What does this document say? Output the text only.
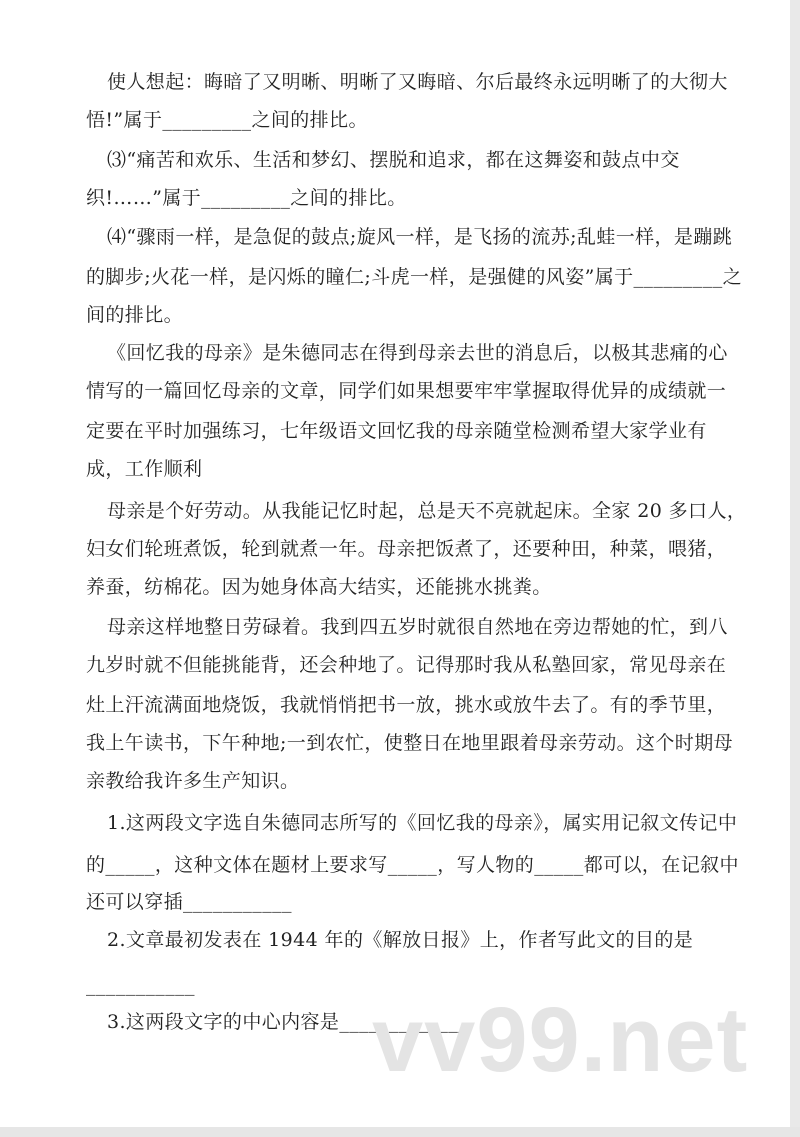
使人想起：晦暗了又明晰、明晰了又晦暗、尔后最终永远明晰了的大彻大
悟!”属于_________之间的排比。
⑶“痛苦和欢乐、生活和梦幻、摆脱和追求，都在这舞姿和鼓点中交
织!……”属于_________之间的排比。
⑷“骤雨一样，是急促的鼓点;旋风一样，是飞扬的流苏;乱蛙一样，是蹦跳
的脚步;火花一样，是闪烁的瞳仁;斗虎一样，是强健的风姿”属于_________之
间的排比。
《回忆我的母亲》是朱德同志在得到母亲去世的消息后，以极其悲痛的心
情写的一篇回忆母亲的文章，同学们如果想要牢牢掌握取得优异的成绩就一
定要在平时加强练习，七年级语文回忆我的母亲随堂检测希望大家学业有
成，工作顺利
母亲是个好劳动。从我能记忆时起，总是天不亮就起床。全家 20 多口人，
妇女们轮班煮饭，轮到就煮一年。母亲把饭煮了，还要种田，种菜，喂猪，
养蚕，纺棉花。因为她身体高大结实，还能挑水挑粪。
母亲这样地整日劳碌着。我到四五岁时就很自然地在旁边帮她的忙，到八
九岁时就不但能挑能背，还会种地了。记得那时我从私塾回家，常见母亲在
灶上汗流满面地烧饭，我就悄悄把书一放，挑水或放牛去了。有的季节里，
我上午读书，下午种地;一到农忙，使整日在地里跟着母亲劳动。这个时期母
亲教给我许多生产知识。
1.这两段文字选自朱德同志所写的《回忆我的母亲》，属实用记叙文传记中
的_____，这种文体在题材上要求写_____，写人物的_____都可以，在记叙中
还可以穿插___________
2.文章最初发表在 1944 年的《解放日报》上，作者写此文的目的是
___________
3.这两段文字的中心内容是_____________
vv99.net
